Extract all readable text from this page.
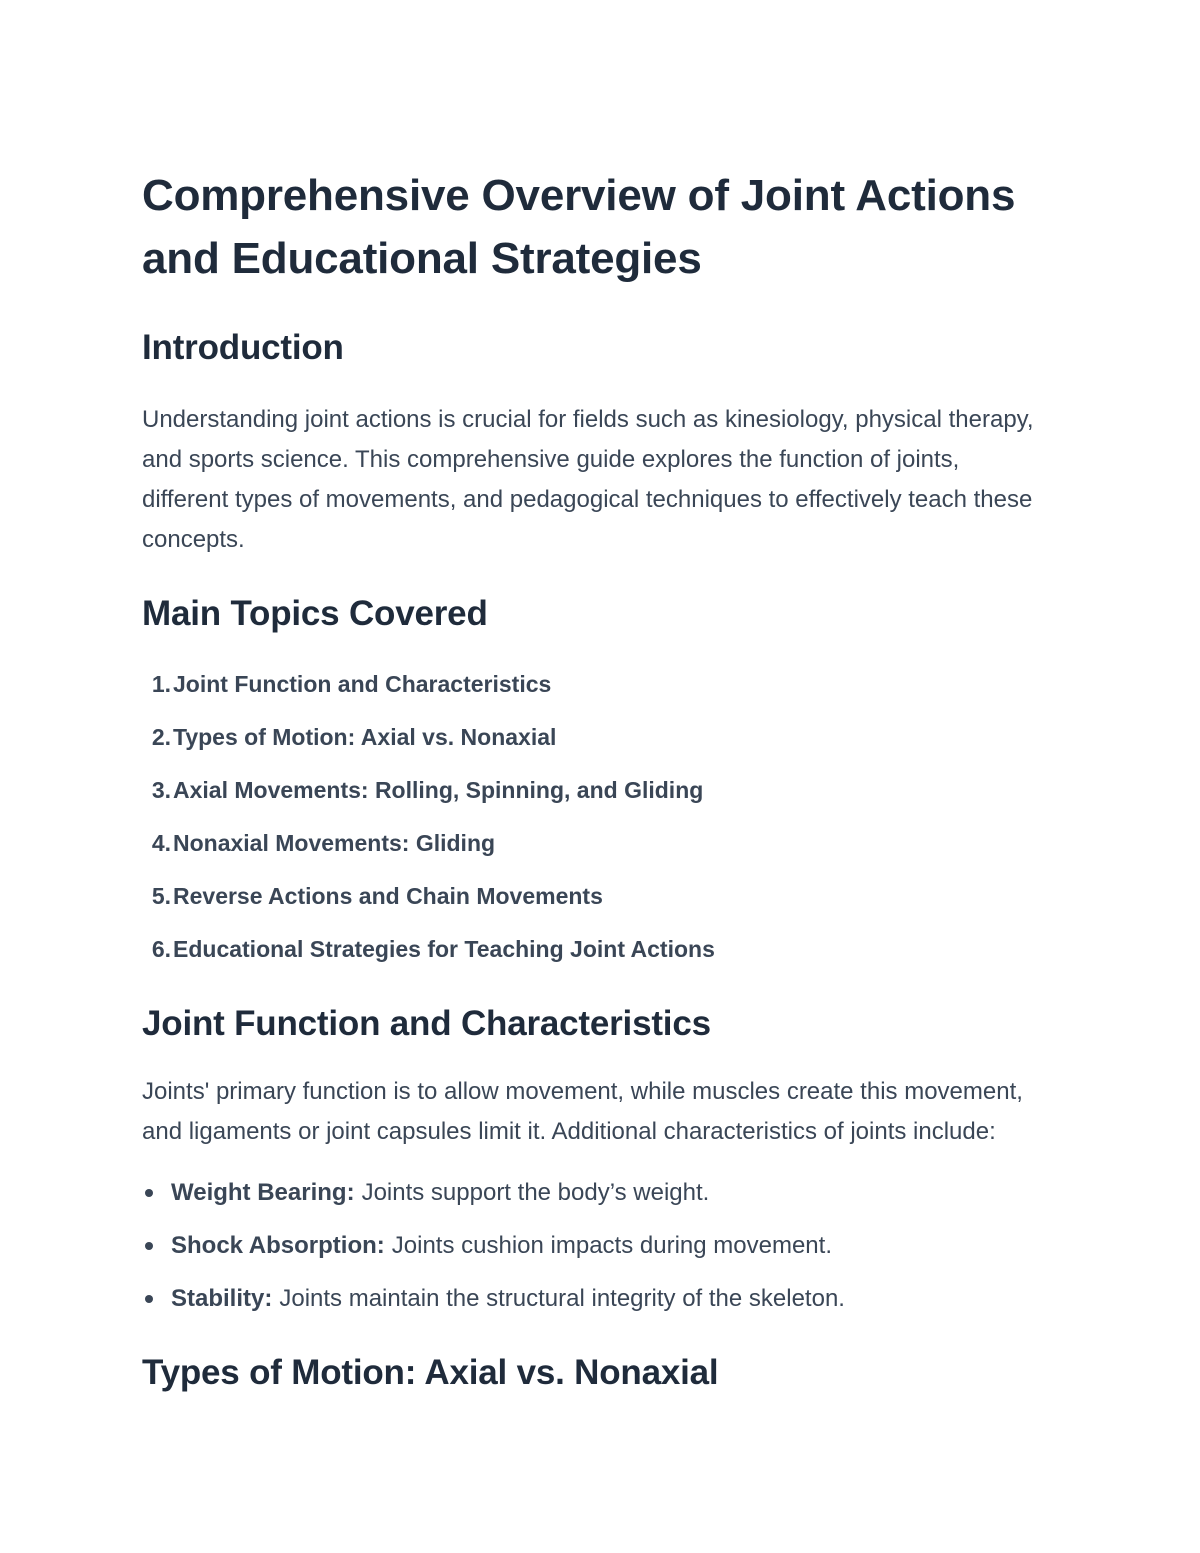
Comprehensive Overview of Joint Actions and Educational Strategies
Introduction

Understanding joint actions is crucial for fields such as kinesiology, physical therapy, and sports science. This comprehensive guide explores the function of joints, different types of movements, and pedagogical techniques to effectively teach these concepts.

Main Topics Covered
1. Joint Function and Characteristics
2. Types of Motion: Axial vs. Nonaxial
3. Axial Movements: Rolling, Spinning, and Gliding
4. Nonaxial Movements: Gliding
5. Reverse Actions and Chain Movements
6. Educational Strategies for Teaching Joint Actions
Joint Function and Characteristics

Joints' primary function is to allow movement, while muscles create this movement, and ligaments or joint capsules limit it. Additional characteristics of joints include:

Weight Bearing: Joints support the body’s weight.
Shock Absorption: Joints cushion impacts during movement.
Stability: Joints maintain the structural integrity of the skeleton.
Types of Motion: Axial vs. Nonaxial
